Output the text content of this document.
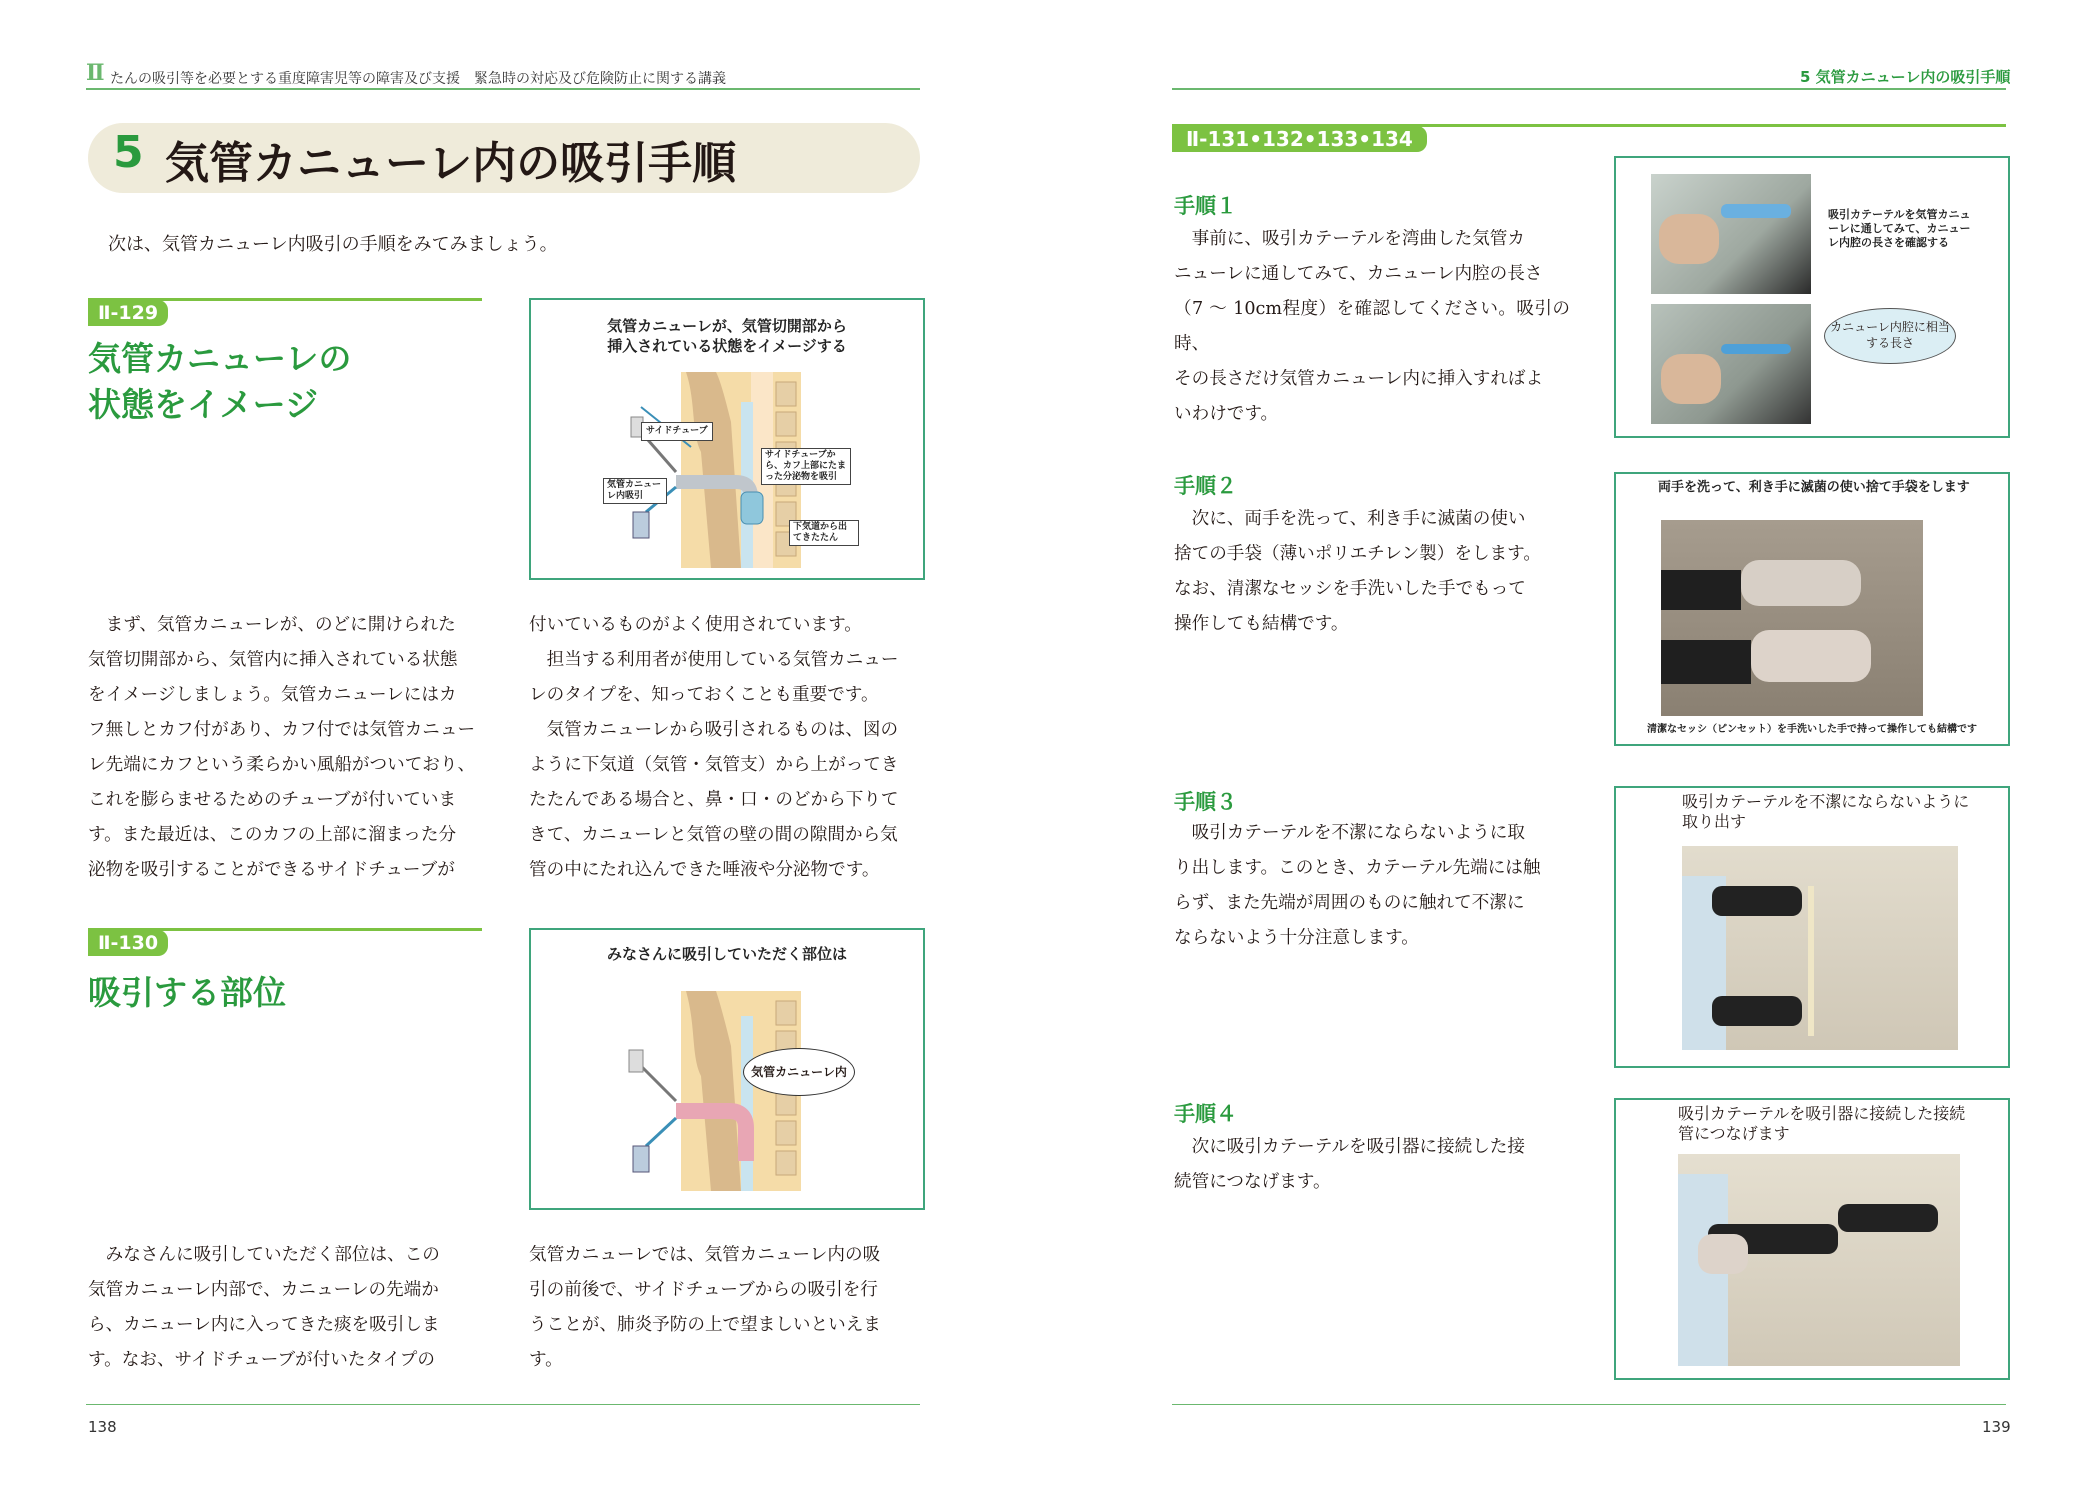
Ⅱ たんの吸引等を必要とする重度障害児等の障害及び支援　緊急時の対応及び危険防止に関する講義
5 気管カニューレ内の吸引手順
次は、気管カニューレ内吸引の手順をみてみましょう。
Ⅱ-129
気管カニューレの
状態をイメージ
気管カニューレが、気管切開部から
挿入されている状態をイメージする
サイドチューブ
気管カニューレ内吸引
サイドチューブから、カフ上部にたまった分泌物を吸引
下気道から出てきたたん
まず、気管カニューレが、のどに開けられた
気管切開部から、気管内に挿入されている状態
をイメージしましょう。気管カニューレにはカ
フ無しとカフ付があり、カフ付では気管カニュー
レ先端にカフという柔らかい風船がついており、
これを膨らませるためのチューブが付いていま
す。また最近は、このカフの上部に溜まった分
泌物を吸引することができるサイドチューブが
付いているものがよく使用されています。
担当する利用者が使用している気管カニュー
レのタイプを、知っておくことも重要です。
気管カニューレから吸引されるものは、図の
ように下気道（気管・気管支）から上がってき
たたんである場合と、鼻・口・のどから下りて
きて、カニューレと気管の壁の間の隙間から気
管の中にたれ込んできた唾液や分泌物です。
Ⅱ-130
吸引する部位
みなさんに吸引していただく部位は
気管カニューレ内
みなさんに吸引していただく部位は、この
気管カニューレ内部で、カニューレの先端か
ら、カニューレ内に入ってきた痰を吸引しま
す。なお、サイドチューブが付いたタイプの
気管カニューレでは、気管カニューレ内の吸
引の前後で、サイドチューブからの吸引を行
うことが、肺炎予防の上で望ましいといえま
す。
138
5 気管カニューレ内の吸引手順
Ⅱ-131•132•133•134
手順１
事前に、吸引カテーテルを湾曲した気管カ
ニューレに通してみて、カニューレ内腔の長さ
（7 ～ 10cm程度）を確認してください。吸引の時、
その長さだけ気管カニューレ内に挿入すればよ
いわけです。
吸引カテーテルを気管カニューレに通してみて、カニューレ内腔の長さを確認する
カニューレ内腔に相当する長さ
手順２
次に、両手を洗って、利き手に滅菌の使い
捨ての手袋（薄いポリエチレン製）をします。
なお、清潔なセッシを手洗いした手でもって
操作しても結構です。
両手を洗って、利き手に滅菌の使い捨て手袋をします
清潔なセッシ（ピンセット）を手洗いした手で持って操作しても結構です
手順３
吸引カテーテルを不潔にならないように取
り出します。このとき、カテーテル先端には触
らず、また先端が周囲のものに触れて不潔に
ならないよう十分注意します。
吸引カテーテルを不潔にならないように取り出す
手順４
次に吸引カテーテルを吸引器に接続した接
続管につなげます。
吸引カテーテルを吸引器に接続した接続管につなげます
139
